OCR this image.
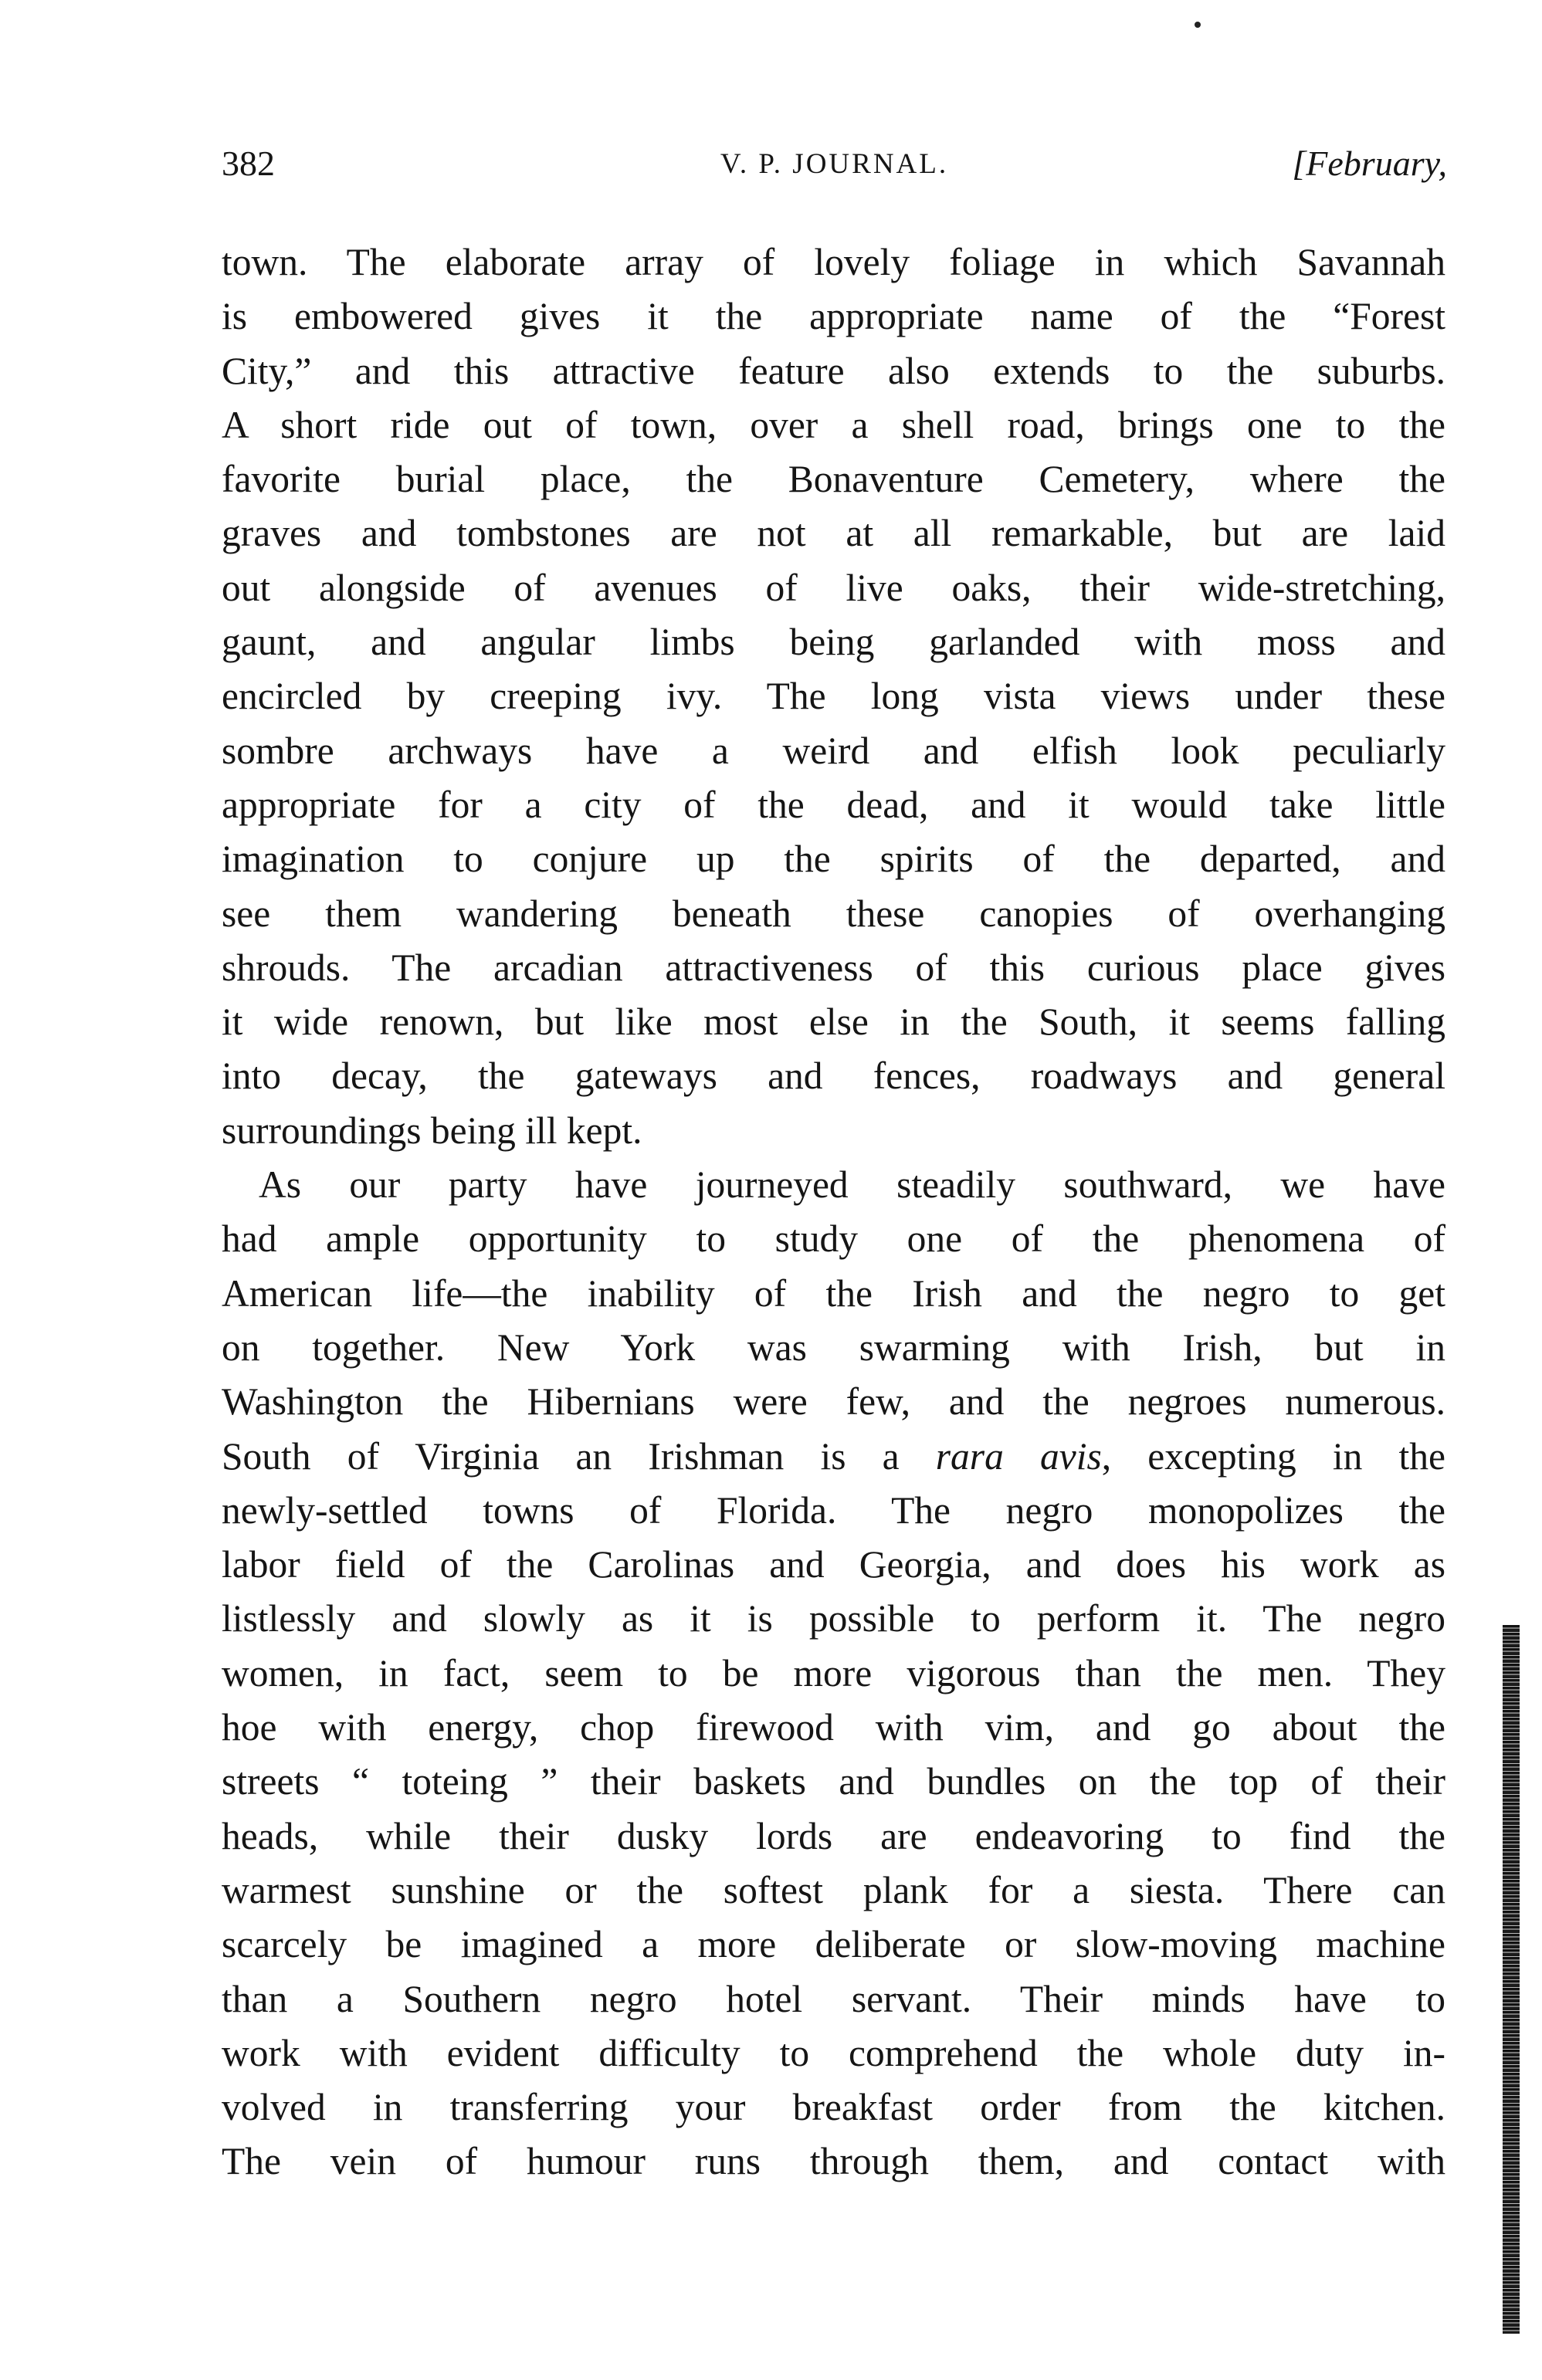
382	V. P. JOURNAL.	[February,
town. The elaborate array of lovely foliage in which Savannah
is embowered gives it the appropriate name of the “Forest
City,” and this attractive feature also extends to the suburbs.
A short ride out of town, over a shell road, brings one to the
favorite burial place, the Bonaventure Cemetery, where the
graves and tombstones are not at all remarkable, but are laid
out alongside of avenues of live oaks, their wide-stretching,
gaunt, and angular limbs being garlanded with moss and
encircled by creeping ivy. The long vista views under these
sombre archways have a weird and elfish look peculiarly
appropriate for a city of the dead, and it would take little
imagination to conjure up the spirits of the departed, and
see them wandering beneath these canopies of overhanging
shrouds. The arcadian attractiveness of this curious place gives
it wide renown, but like most else in the South, it seems falling
into decay, the gateways and fences, roadways and general
surroundings being ill kept.
As our party have journeyed steadily southward, we have
had ample opportunity to study one of the phenomena of
American life—the inability of the Irish and the negro to get
on together. New York was swarming with Irish, but in
Washington the Hibernians were few, and the negroes numerous.
South of Virginia an Irishman is a rara avis, excepting in the
newly-settled towns of Florida. The negro monopolizes the
labor field of the Carolinas and Georgia, and does his work as
listlessly and slowly as it is possible to perform it. The negro
women, in fact, seem to be more vigorous than the men. They
hoe with energy, chop firewood with vim, and go about the
streets “ toteing ” their baskets and bundles on the top of their
heads, while their dusky lords are endeavoring to find the
warmest sunshine or the softest plank for a siesta. There can
scarcely be imagined a more deliberate or slow-moving machine
than a Southern negro hotel servant. Their minds have to
work with evident difficulty to comprehend the whole duty in-
volved in transferring your breakfast order from the kitchen.
The vein of humour runs through them, and contact with
